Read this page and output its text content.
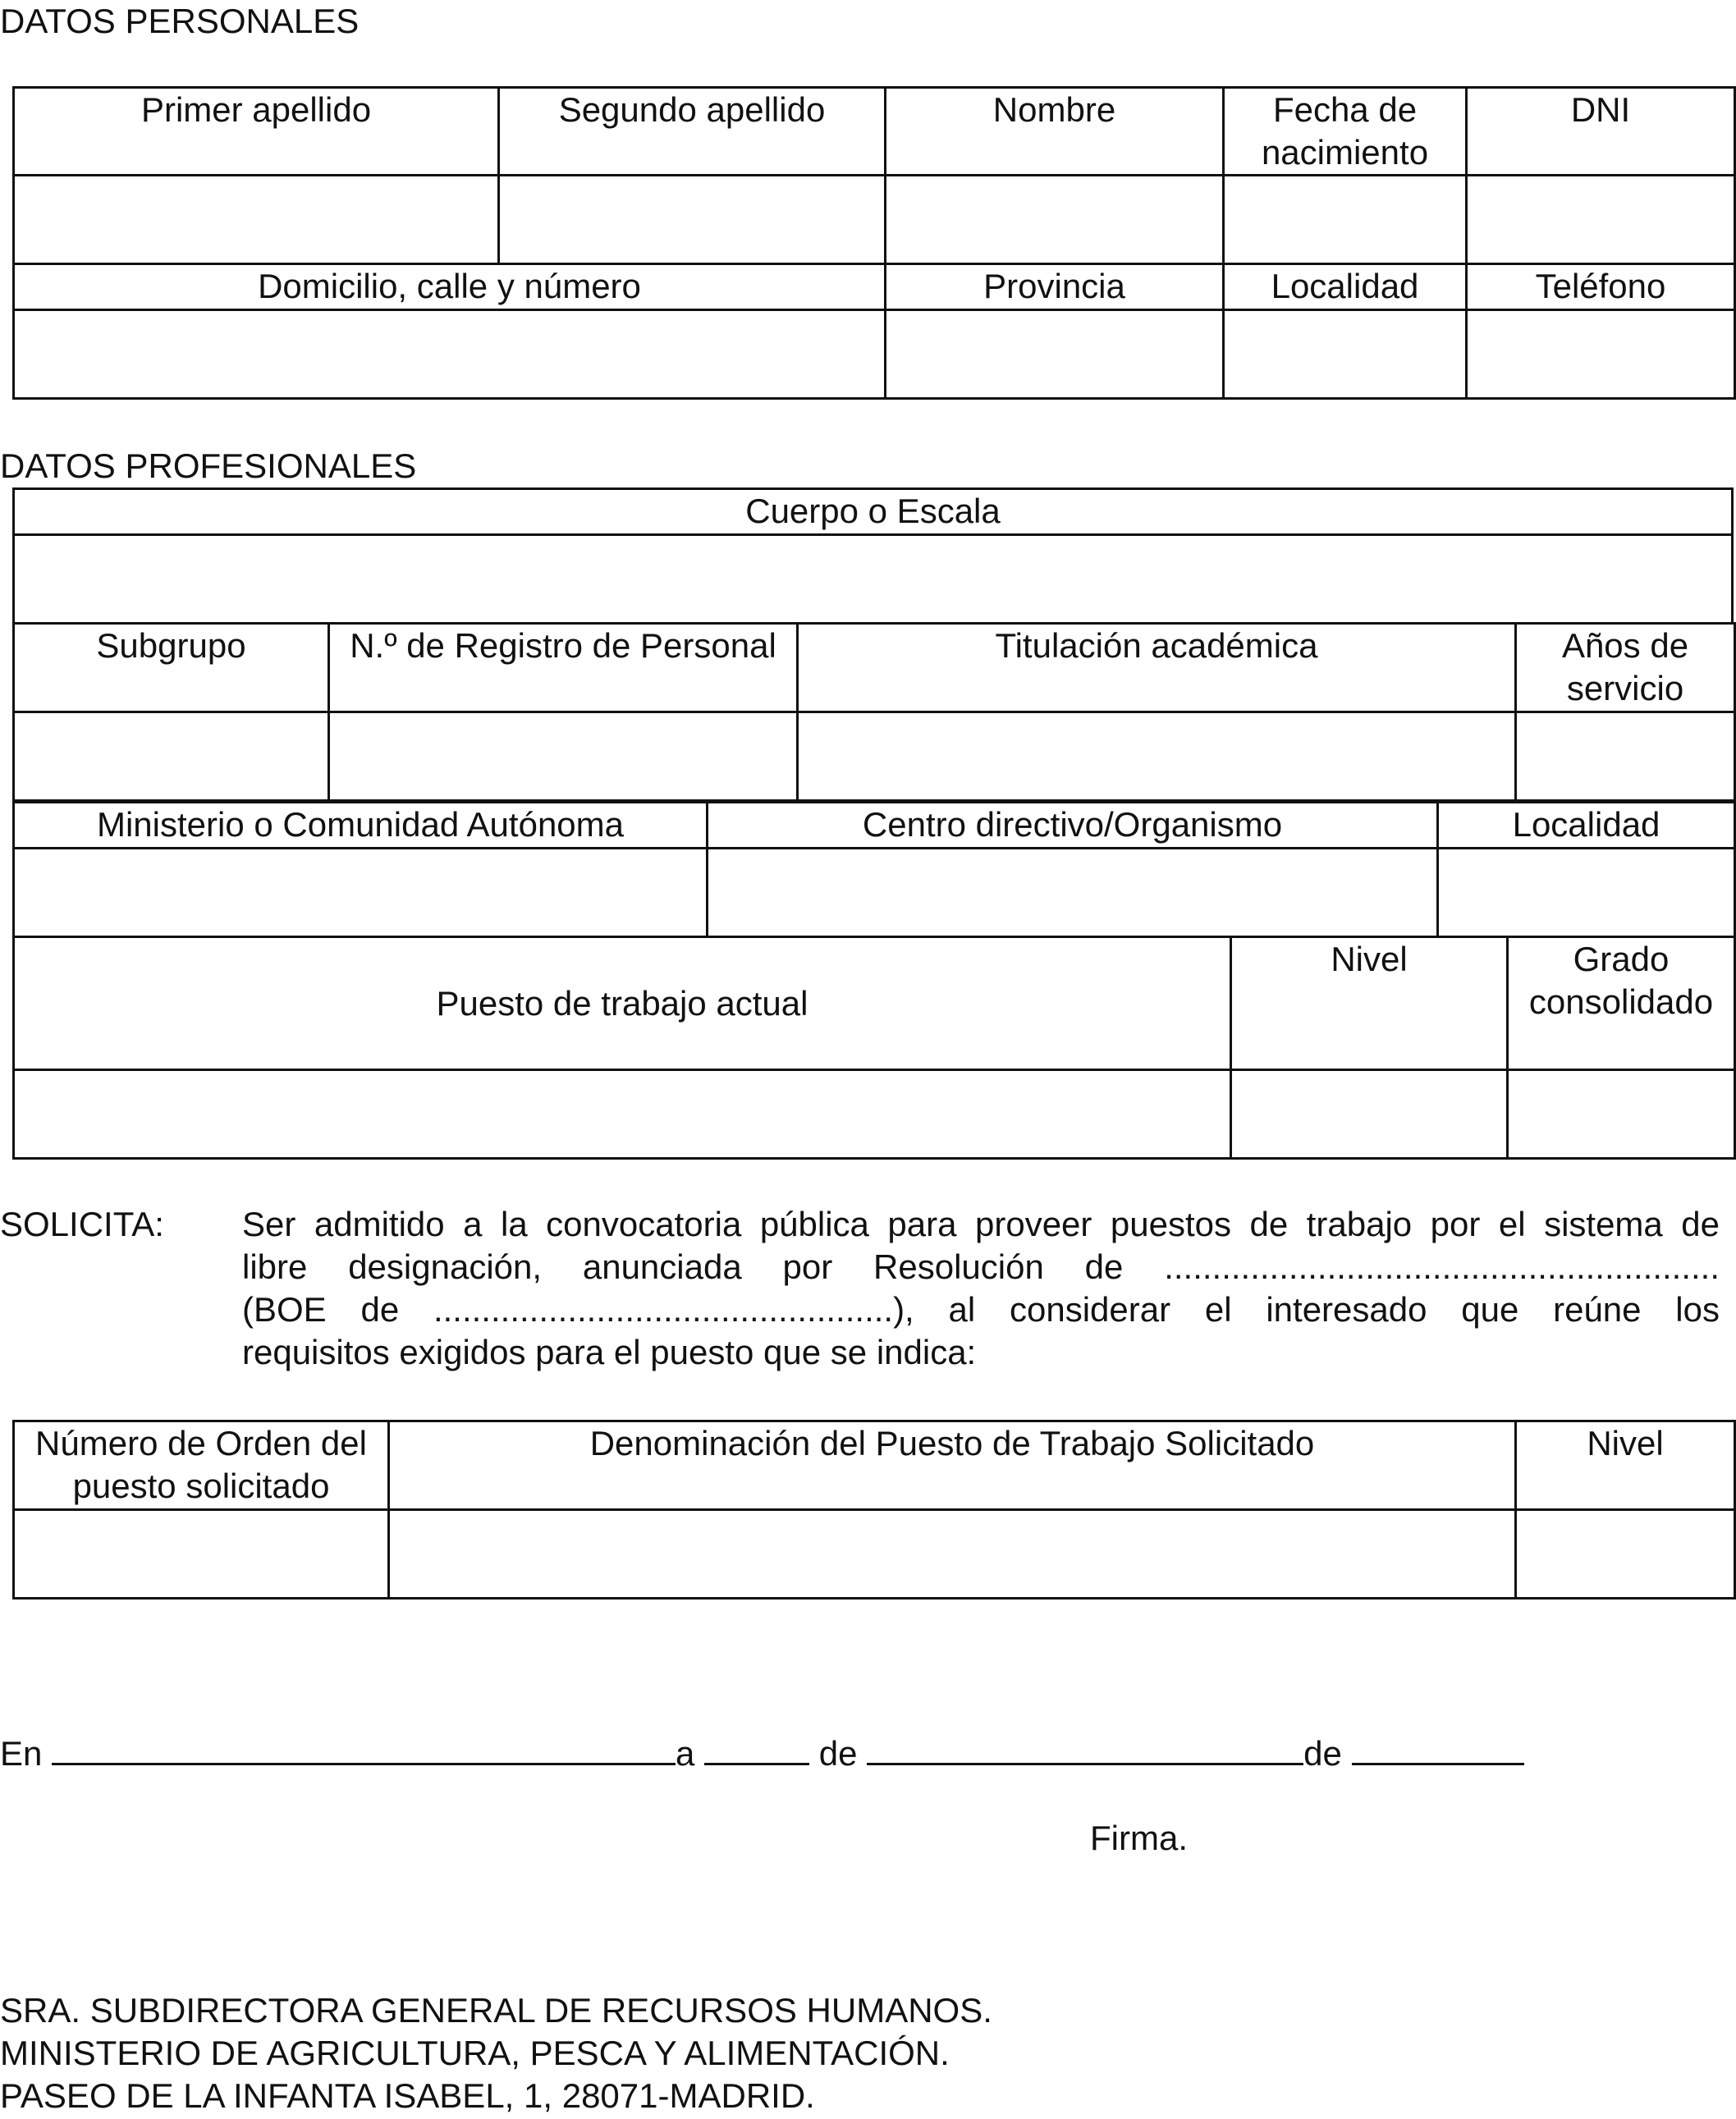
DATOS PERSONALES
Primer apellido	Segundo apellido	Nombre	Fecha de nacimiento	DNI

Domicilio, calle y número		Provincia	Localidad	Teléfono

DATOS PROFESIONALES
Cuerpo o Escala

Subgrupo	N.º de Registro de Personal	Titulación académica	Años de servicio

Ministerio o Comunidad Autónoma	Centro directivo/Organismo	Localidad

Puesto de trabajo actual	Nivel	Grado consolidado

SOLICITA: Ser admitido a la convocatoria pública para proveer puestos de trabajo por el sistema de
libre designación, anunciada por Resolución de ..........................................................
(BOE de ................................................), al considerar el interesado que reúne los
requisitos exigidos para el puesto que se indica:
Número de Orden del puesto solicitado	Denominación del Puesto de Trabajo Solicitado	Nivel

En	a	de	de
Firma.
SRA. SUBDIRECTORA GENERAL DE RECURSOS HUMANOS.
MINISTERIO DE AGRICULTURA, PESCA Y ALIMENTACIÓN.
PASEO DE LA INFANTA ISABEL, 1, 28071-MADRID.
